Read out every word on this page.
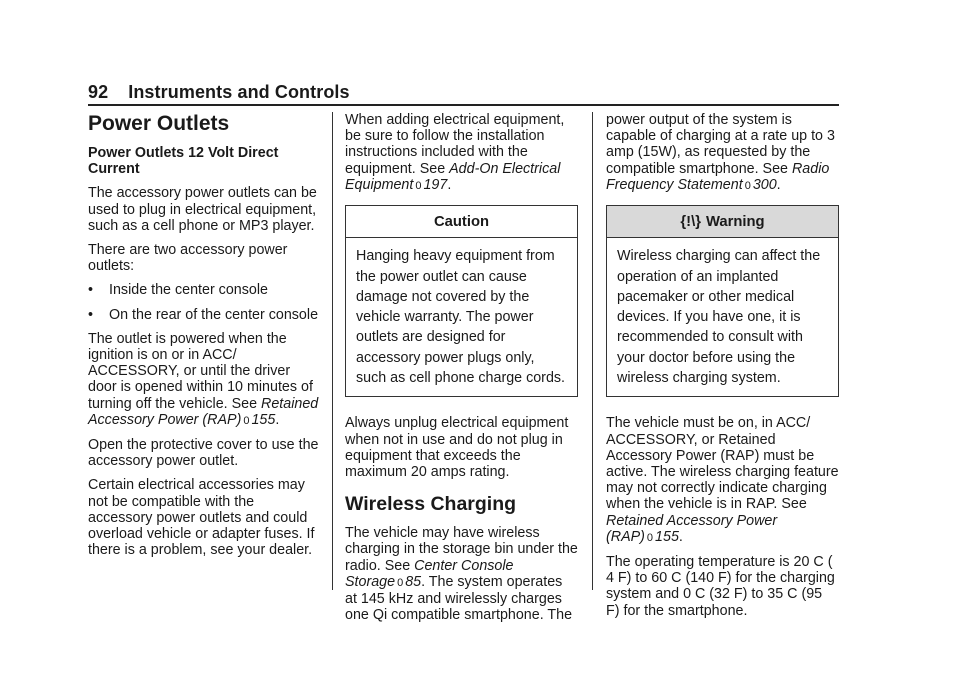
92 Instruments and Controls
Power Outlets
Power Outlets 12 Volt Direct Current

The accessory power outlets can be used to plug in electrical equipment, such as a cell phone or MP3 player.

There are two accessory power outlets:

• Inside the center console
• On the rear of the center console

The outlet is powered when the ignition is on or in ACC/ ACCESSORY, or until the driver door is opened within 10 minutes of turning off the vehicle. See Retained Accessory Power (RAP) 0 155.

Open the protective cover to use the accessory power outlet.

Certain electrical accessories may not be compatible with the accessory power outlets and could overload vehicle or adapter fuses. If there is a problem, see your dealer.

When adding electrical equipment, be sure to follow the installation instructions included with the equipment. See Add-On Electrical Equipment 0 197.

Caution
Hanging heavy equipment from the power outlet can cause damage not covered by the vehicle warranty. The power outlets are designed for accessory power plugs only, such as cell phone charge cords.

Always unplug electrical equipment when not in use and do not plug in equipment that exceeds the maximum 20 amps rating.

Wireless Charging

The vehicle may have wireless charging in the storage bin under the radio. See Center Console Storage 0 85. The system operates at 145 kHz and wirelessly charges one Qi compatible smartphone. The

power output of the system is capable of charging at a rate up to 3 amp (15W), as requested by the compatible smartphone. See Radio Frequency Statement 0 300.

{!\} Warning
Wireless charging can affect the operation of an implanted pacemaker or other medical devices. If you have one, it is recommended to consult with your doctor before using the wireless charging system.

The vehicle must be on, in ACC/ ACCESSORY, or Retained Accessory Power (RAP) must be active. The wireless charging feature may not correctly indicate charging when the vehicle is in RAP. See Retained Accessory Power (RAP) 0 155.

The operating temperature is 20 C ( 4 F) to 60 C (140 F) for the charging system and 0 C (32 F) to 35 C (95 F) for the smartphone.
